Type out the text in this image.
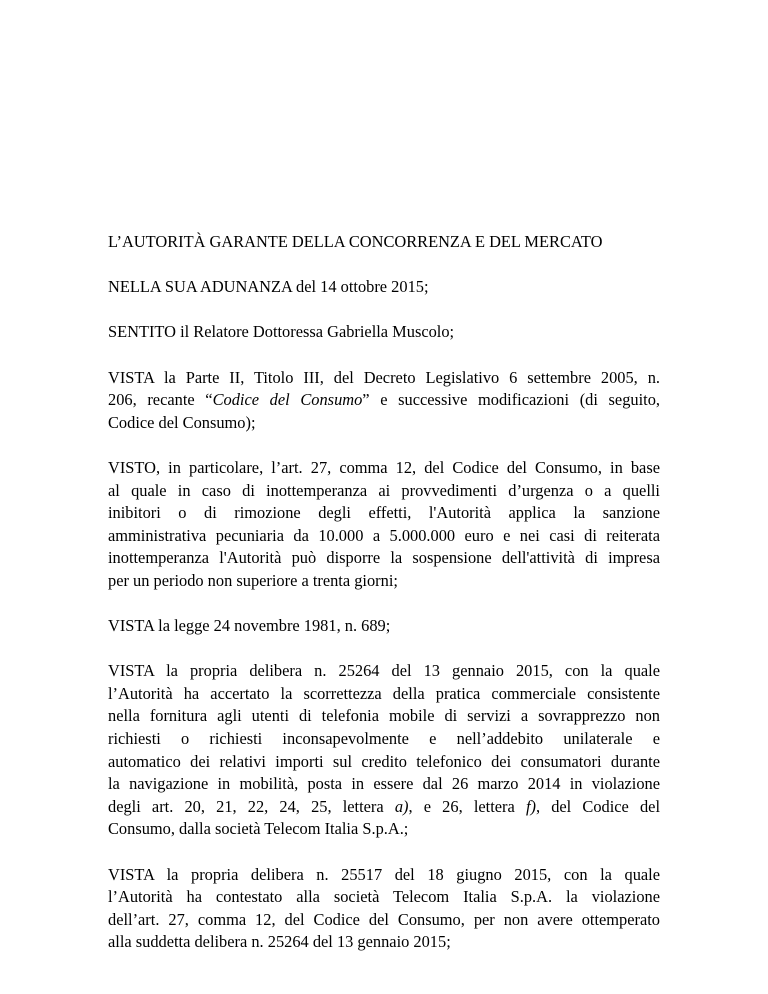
L’AUTORITÀ GARANTE DELLA CONCORRENZA E DEL MERCATO

NELLA SUA ADUNANZA del 14 ottobre 2015;

SENTITO il Relatore Dottoressa Gabriella Muscolo;

VISTA la Parte II, Titolo III, del Decreto Legislativo 6 settembre 2005, n.
206, recante “Codice del Consumo” e successive modificazioni (di seguito,
Codice del Consumo);

VISTO, in particolare, l’art. 27, comma 12, del Codice del Consumo, in base
al quale in caso di inottemperanza ai provvedimenti d’urgenza o a quelli
inibitori o di rimozione degli effetti, l'Autorità applica la sanzione
amministrativa pecuniaria da 10.000 a 5.000.000 euro e nei casi di reiterata
inottemperanza l'Autorità può disporre la sospensione dell'attività di impresa
per un periodo non superiore a trenta giorni;

VISTA la legge 24 novembre 1981, n. 689;

VISTA la propria delibera n. 25264 del 13 gennaio 2015, con la quale
l’Autorità ha accertato la scorrettezza della pratica commerciale consistente
nella fornitura agli utenti di telefonia mobile di servizi a sovrapprezzo non
richiesti o richiesti inconsapevolmente e nell’addebito unilaterale e
automatico dei relativi importi sul credito telefonico dei consumatori durante
la navigazione in mobilità, posta in essere dal 26 marzo 2014 in violazione
degli art. 20, 21, 22, 24, 25, lettera a), e 26, lettera f), del Codice del
Consumo, dalla società Telecom Italia S.p.A.;

VISTA la propria delibera n. 25517 del 18 giugno 2015, con la quale
l’Autorità ha contestato alla società Telecom Italia S.p.A. la violazione
dell’art. 27, comma 12, del Codice del Consumo, per non avere ottemperato
alla suddetta delibera n. 25264 del 13 gennaio 2015;
